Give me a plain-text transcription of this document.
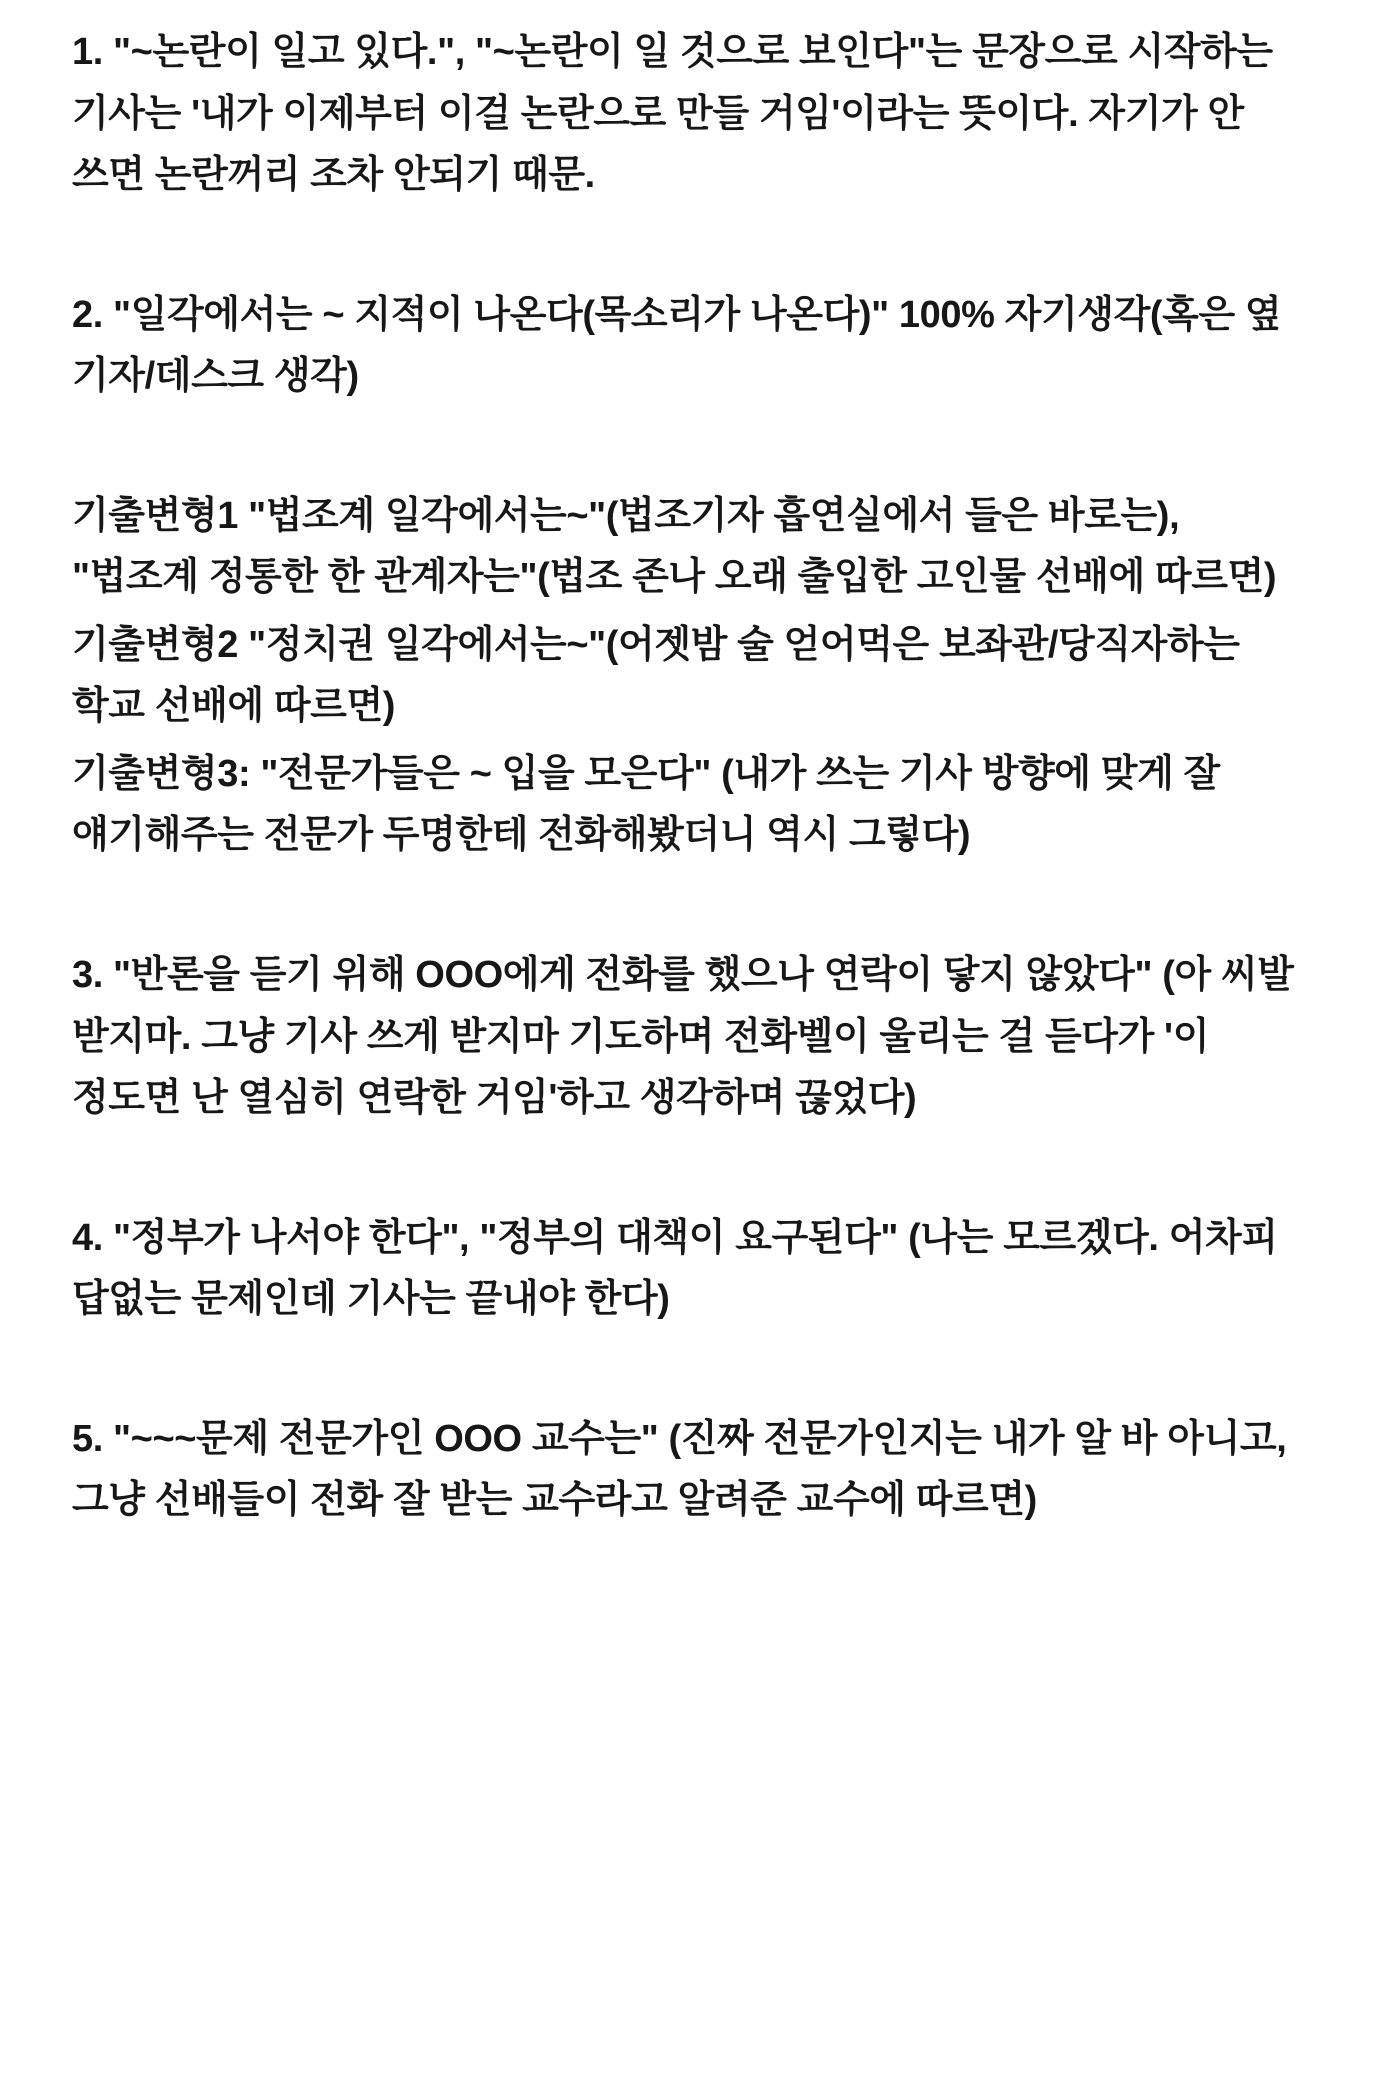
1. "~논란이 일고 있다.", "~논란이 일 것으로 보인다"는 문장으로 시작하는 기사는 '내가 이제부터 이걸 논란으로 만들 거임'이라는 뜻이다. 자기가 안 쓰면 논란꺼리 조차 안되기 때문.

2. "일각에서는 ~ 지적이 나온다(목소리가 나온다)" 100% 자기생각(혹은 옆 기자/데스크 생각)

기출변형1 "법조계 일각에서는~"(법조기자 흡연실에서 들은 바로는), "법조계 정통한 한 관계자는"(법조 존나 오래 출입한 고인물 선배에 따르면)

기출변형2 "정치권 일각에서는~"(어젯밤 술 얻어먹은 보좌관/당직자하는 학교 선배에 따르면)

기출변형3: "전문가들은 ~ 입을 모은다" (내가 쓰는 기사 방향에 맞게 잘 얘기해주는 전문가 두명한테 전화해봤더니 역시 그렇다)

3. "반론을 듣기 위해 OOO에게 전화를 했으나 연락이 닿지 않았다" (아 씨발 받지마. 그냥 기사 쓰게 받지마 기도하며 전화벨이 울리는 걸 듣다가 '이 정도면 난 열심히 연락한 거임'하고 생각하며 끊었다)

4. "정부가 나서야 한다", "정부의 대책이 요구된다" (나는 모르겠다. 어차피 답없는 문제인데 기사는 끝내야 한다)

5. "~~~문제 전문가인 OOO 교수는" (진짜 전문가인지는 내가 알 바 아니고, 그냥 선배들이 전화 잘 받는 교수라고 알려준 교수에 따르면)
